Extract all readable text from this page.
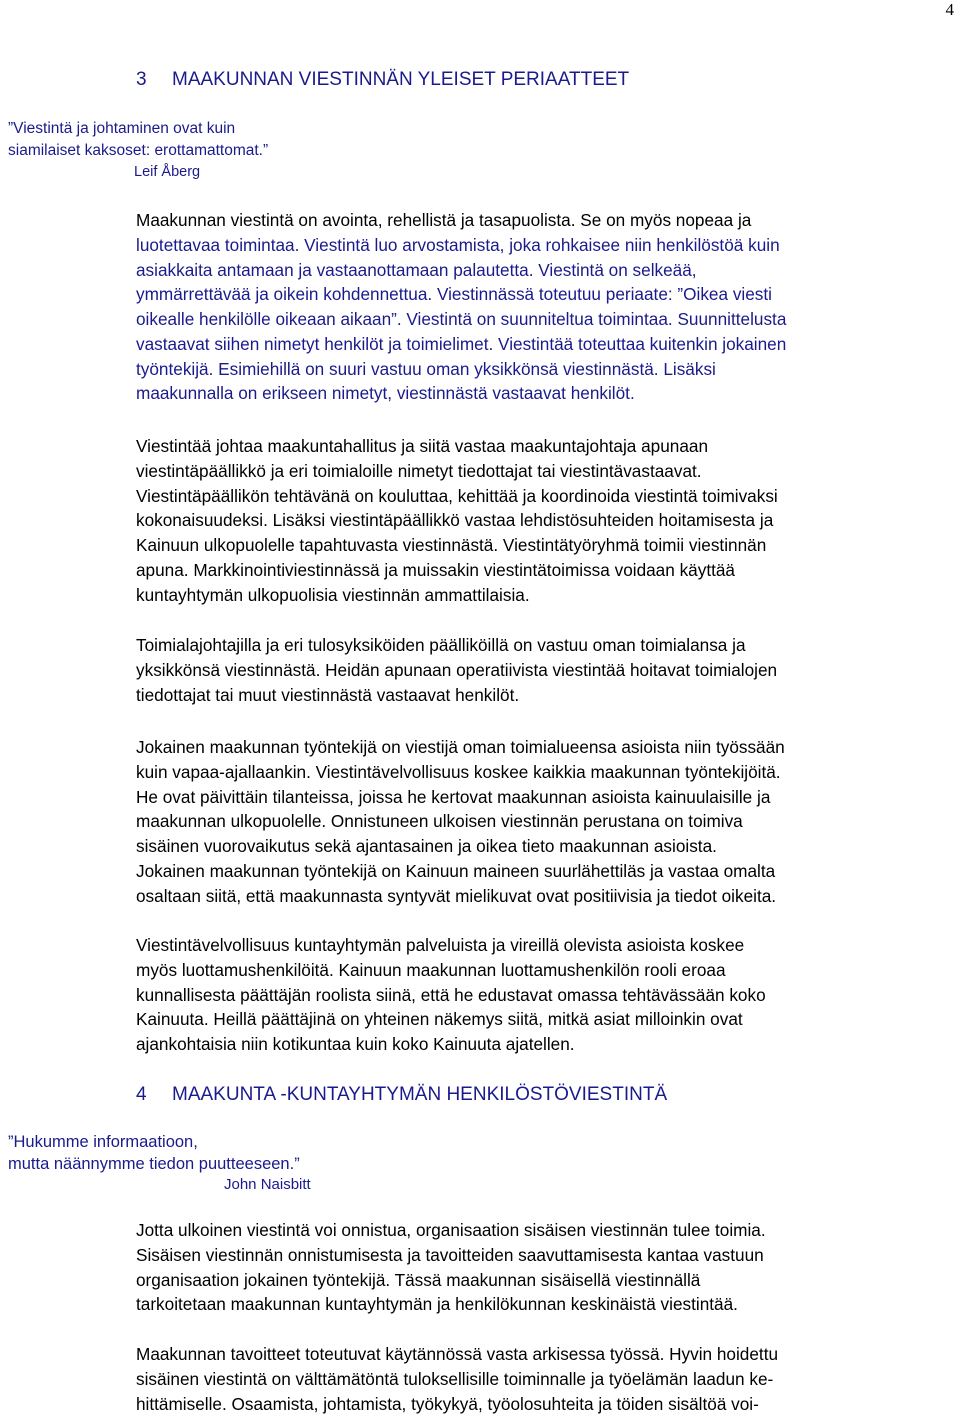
4
3 MAAKUNNAN VIESTINNÄN YLEISET PERIAATTEET
”Viestintä ja johtaminen ovat kuin
siamilaiset kaksoset: erottamattomat.”
Leif Åberg
Maakunnan viestintä on avointa, rehellistä ja tasapuolista. Se on myös nopeaa ja
luotettavaa toimintaa. Viestintä luo arvostamista, joka rohkaisee niin henkilöstöä kuin
asiakkaita antamaan ja vastaanottamaan palautetta. Viestintä on selkeää,
ymmärrettävää ja oikein kohdennettua. Viestinnässä toteutuu periaate: ”Oikea viesti
oikealle henkilölle oikeaan aikaan”. Viestintä on suunniteltua toimintaa. Suunnittelusta
vastaavat siihen nimetyt henkilöt ja toimielimet. Viestintää toteuttaa kuitenkin jokainen
työntekijä. Esimiehillä on suuri vastuu oman yksikkönsä viestinnästä. Lisäksi
maakunnalla on erikseen nimetyt, viestinnästä vastaavat henkilöt.
Viestintää johtaa maakuntahallitus ja siitä vastaa maakuntajohtaja apunaan
viestintäpäällikkö ja eri toimialoille nimetyt tiedottajat tai viestintävastaavat.
Viestintäpäällikön tehtävänä on kouluttaa, kehittää ja koordinoida viestintä toimivaksi
kokonaisuudeksi. Lisäksi viestintäpäällikkö vastaa lehdistösuhteiden hoitamisesta ja
Kainuun ulkopuolelle tapahtuvasta viestinnästä. Viestintätyöryhmä toimii viestinnän
apuna. Markkinointiviestinnässä ja muissakin viestintätoimissa voidaan käyttää
kuntayhtymän ulkopuolisia viestinnän ammattilaisia.
Toimialajohtajilla ja eri tulosyksiköiden päälliköillä on vastuu oman toimialansa ja
yksikkönsä viestinnästä. Heidän apunaan operatiivista viestintää hoitavat toimialojen
tiedottajat tai muut viestinnästä vastaavat henkilöt.
Jokainen maakunnan työntekijä on viestijä oman toimialueensa asioista niin työssään
kuin vapaa-ajallaankin. Viestintävelvollisuus koskee kaikkia maakunnan työntekijöitä.
He ovat päivittäin tilanteissa, joissa he kertovat maakunnan asioista kainuulaisille ja
maakunnan ulkopuolelle. Onnistuneen ulkoisen viestinnän perustana on toimiva
sisäinen vuorovaikutus sekä ajantasainen ja oikea tieto maakunnan asioista.
Jokainen maakunnan työntekijä on Kainuun maineen suurlähettiläs ja vastaa omalta
osaltaan siitä, että maakunnasta syntyvät mielikuvat ovat positiivisia ja tiedot oikeita.
Viestintävelvollisuus kuntayhtymän palveluista ja vireillä olevista asioista koskee
myös luottamushenkilöitä. Kainuun maakunnan luottamushenkilön rooli eroaa
kunnallisesta päättäjän roolista siinä, että he edustavat omassa tehtävässään koko
Kainuuta. Heillä päättäjinä on yhteinen näkemys siitä, mitkä asiat milloinkin ovat
ajankohtaisia niin kotikuntaa kuin koko Kainuuta ajatellen.
4 MAAKUNTA -KUNTAYHTYMÄN HENKILÖSTÖVIESTINTÄ
”Hukumme informaatioon,
mutta näännymme tiedon puutteeseen.”
John Naisbitt
Jotta ulkoinen viestintä voi onnistua, organisaation sisäisen viestinnän tulee toimia.
Sisäisen viestinnän onnistumisesta ja tavoitteiden saavuttamisesta kantaa vastuun
organisaation jokainen työntekijä. Tässä maakunnan sisäisellä viestinnällä
tarkoitetaan maakunnan kuntayhtymän ja henkilökunnan keskinäistä viestintää.
Maakunnan tavoitteet toteutuvat käytännössä vasta arkisessa työssä. Hyvin hoidettu
sisäinen viestintä on välttämätöntä tuloksellisille toiminnalle ja työelämän laadun ke-
hittämiselle. Osaamista, johtamista, työkykyä, työolosuhteita ja töiden sisältöä voi-
